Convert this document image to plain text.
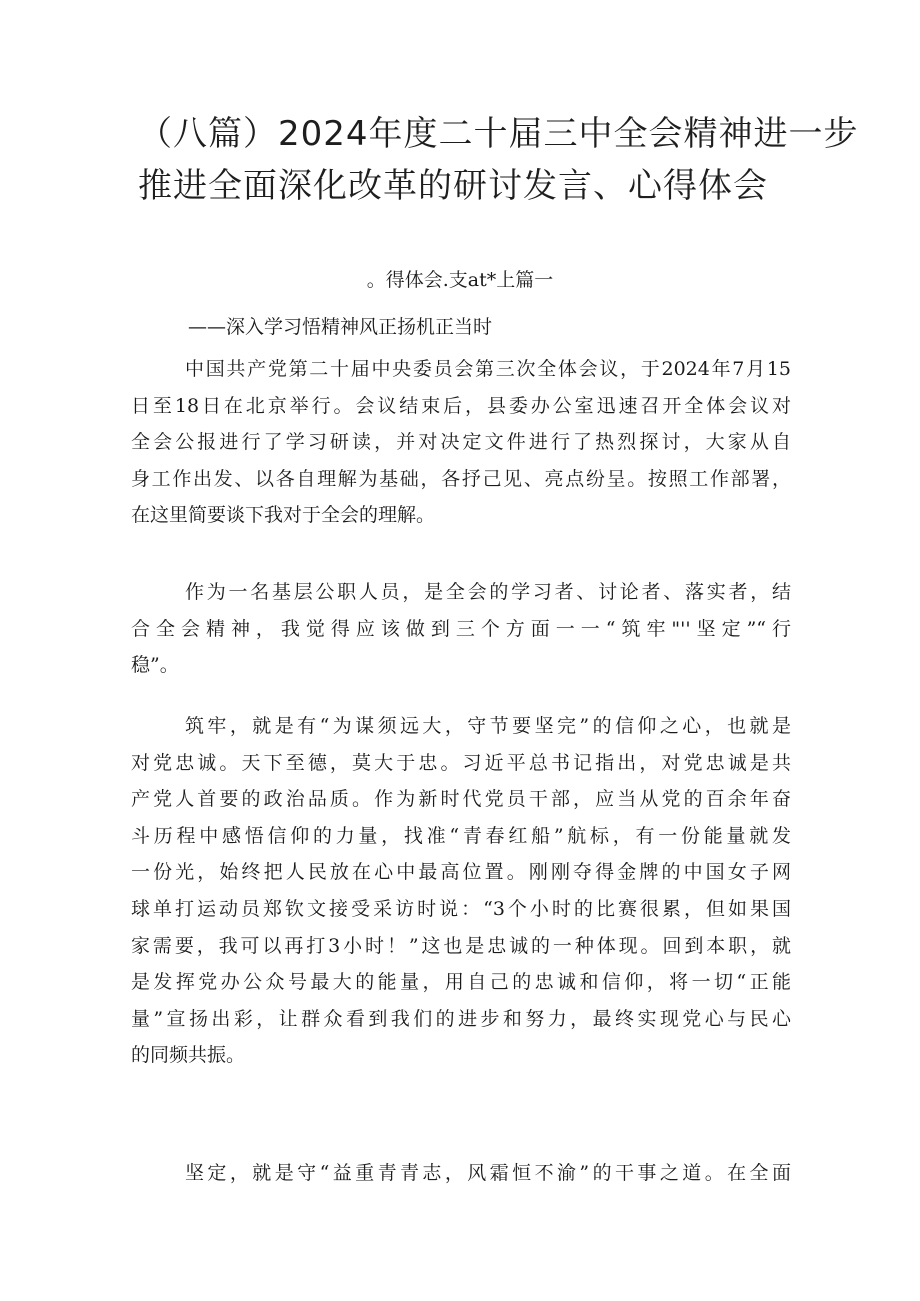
（八篇）2024年度二十届三中全会精神进一步
推进全面深化改革的研讨发言、心得体会
。得体会.支at*上篇一

——深入学习悟精神风正扬机正当时

中国共产党第二十届中央委员会第三次全体会议，于2024年7月15
日至18日在北京举行。会议结束后，县委办公室迅速召开全体会议对
全会公报进行了学习研读，并对决定文件进行了热烈探讨，大家从自
身工作出发、以各自理解为基础，各抒己见、亮点纷呈。按照工作部署，
在这里简要谈下我对于全会的理解。
作为一名基层公职人员，是全会的学习者、讨论者、落实者，结
合全会精神，我觉得应该做到三个方面一一“筑牢"''坚定”“行
稳”。
筑牢，就是有“为谋须远大，守节要坚完”的信仰之心，也就是
对党忠诚。天下至德，莫大于忠。习近平总书记指出，对党忠诚是共
产党人首要的政治品质。作为新时代党员干部，应当从党的百余年奋
斗历程中感悟信仰的力量，找准“青春红船”航标，有一份能量就发
一份光，始终把人民放在心中最高位置。刚刚夺得金牌的中国女子网
球单打运动员郑钦文接受采访时说：“3个小时的比赛很累，但如果国
家需要，我可以再打3小时！”这也是忠诚的一种体现。回到本职，就
是发挥党办公众号最大的能量，用自己的忠诚和信仰，将一切“正能
量”宣扬出彩，让群众看到我们的进步和努力，最终实现党心与民心
的同频共振。
坚定，就是守“益重青青志，风霜恒不渝”的干事之道。在全面
